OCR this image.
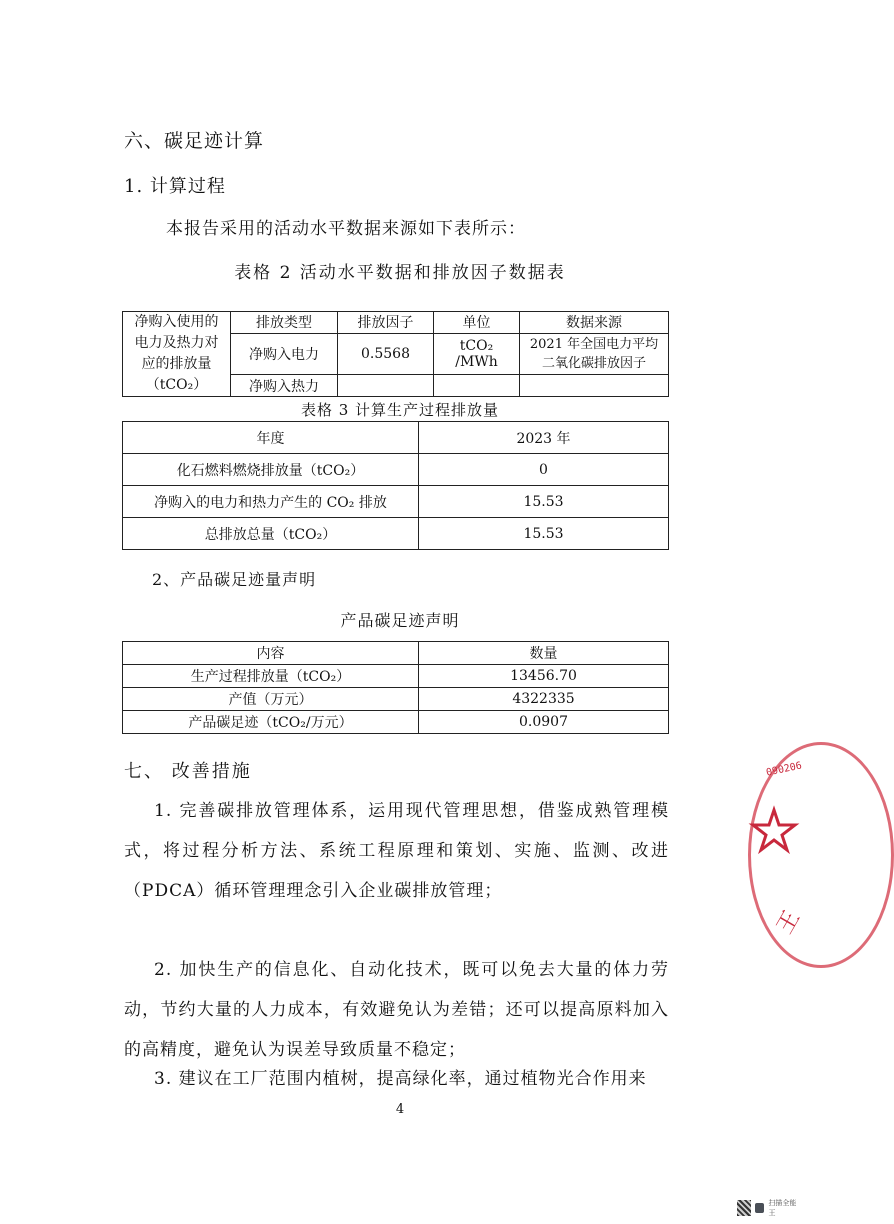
六、碳足迹计算
1. 计算过程
本报告采用的活动水平数据来源如下表所示：
表格 2 活动水平数据和排放因子数据表
净购入使用的
电力及热力对
应的排放量
（tCO₂）	排放类型	排放因子	单位	数据来源
	净购入电力	0.5568	tCO₂ /MWh	2021 年全国电力平均
二氧化碳排放因子

	净购入热力			
表格 3 计算生产过程排放量
年度	2023 年
化石燃料燃烧排放量（tCO₂）	0
净购入的电力和热力产生的 CO₂ 排放	15.53
总排放总量（tCO₂）	15.53
2、产品碳足迹量声明
产品碳足迹声明
内容	数量
生产过程排放量（tCO₂）	13456.70
产值（万元）	4322335
产品碳足迹（tCO₂/万元）	0.0907
七、 改善措施

1. 完善碳排放管理体系，运用现代管理思想，借鉴成熟管理模式，将过程分析方法、系统工程原理和策划、实施、监测、改进（PDCA）循环管理理念引入企业碳排放管理；

2. 加快生产的信息化、自动化技术，既可以免去大量的体力劳动，节约大量的人力成本，有效避免认为差错；还可以提高原料加入的高精度，避免认为误差导致质量不稳定；

3. 建议在工厂范围内植树，提高绿化率，通过植物光合作用来

4
090206
王
扫描全能王
